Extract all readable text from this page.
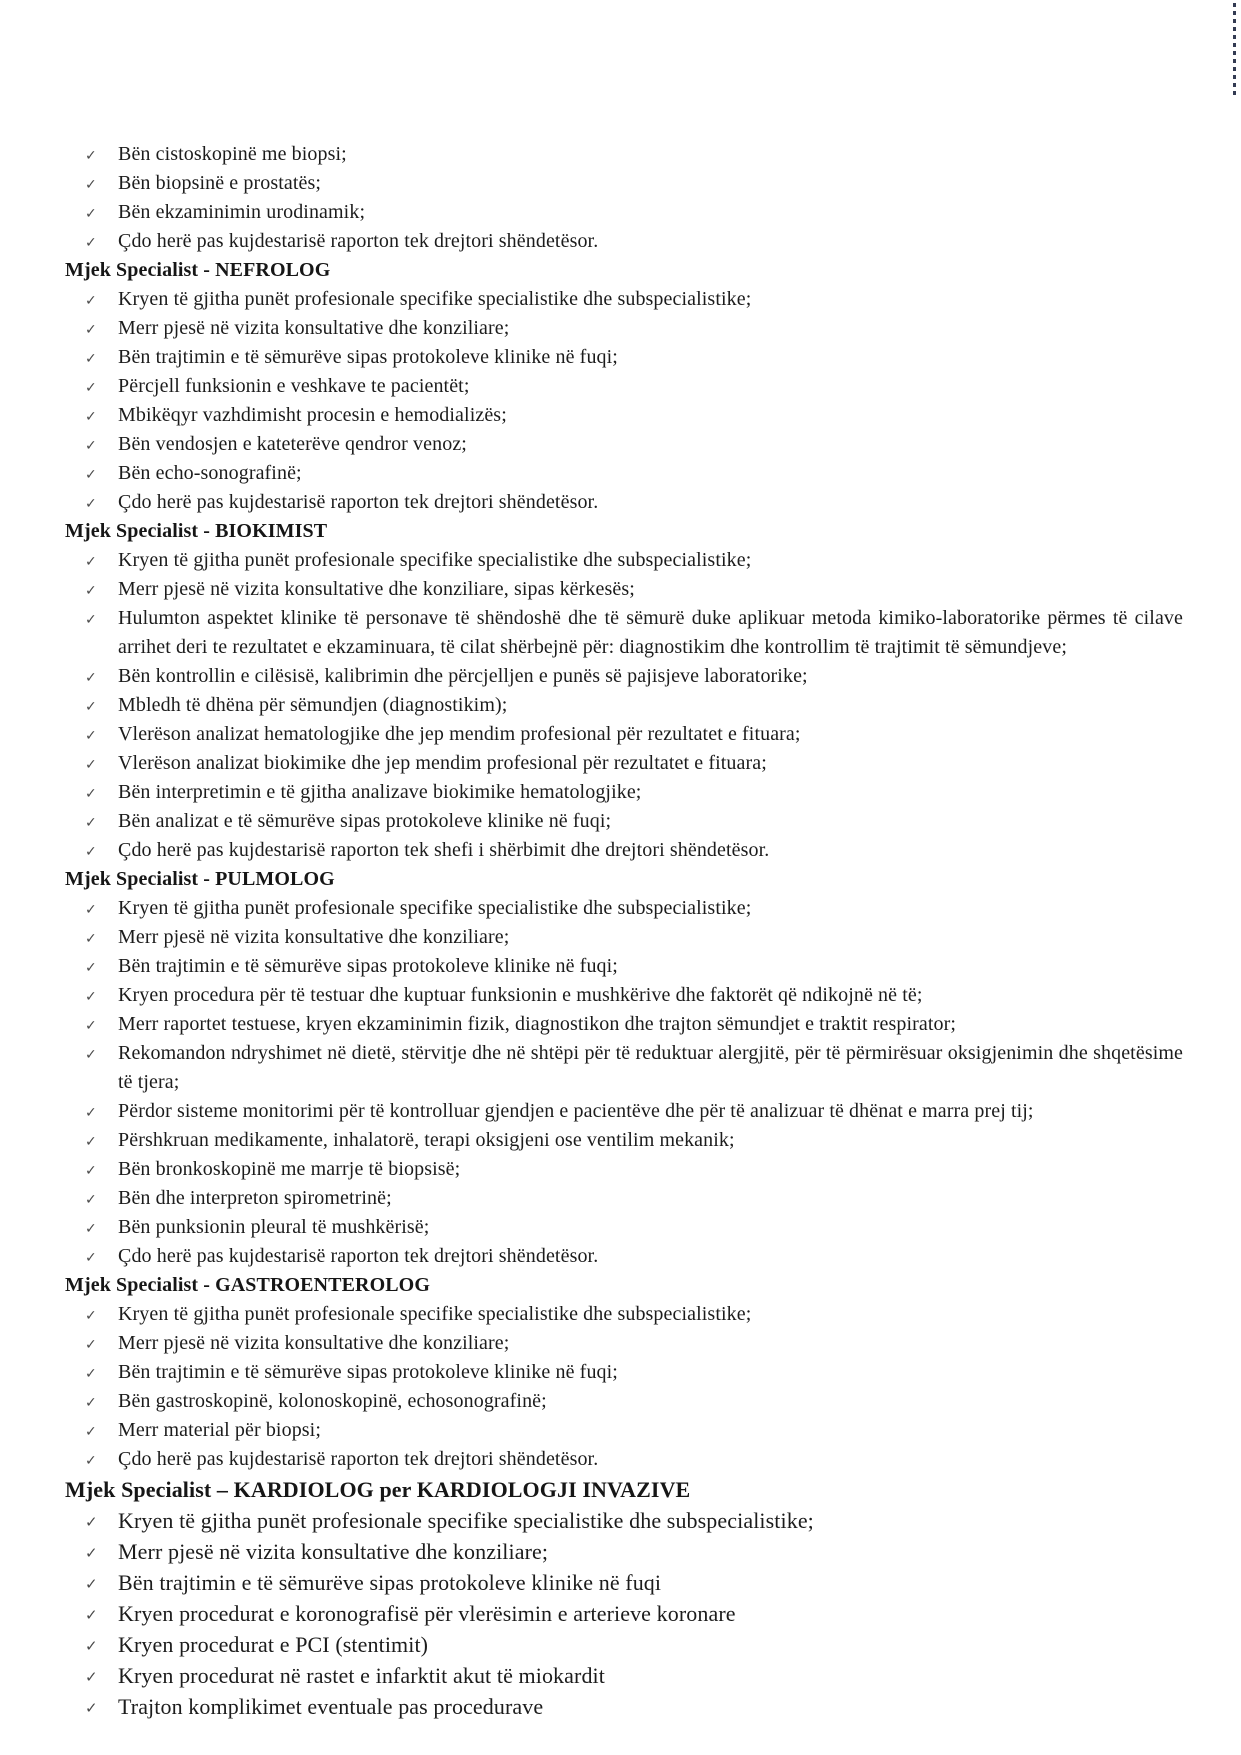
✓	Bën cistoskopinë me biopsi;
✓	Bën biopsinë e prostatës;
✓	Bën ekzaminimin urodinamik;
✓	Çdo herë pas kujdestarisë raporton tek drejtori shëndetësor.
Mjek Specialist - NEFROLOG
✓	Kryen të gjitha punët profesionale specifike specialistike dhe subspecialistike;
✓	Merr pjesë në vizita konsultative dhe konziliare;
✓	Bën trajtimin e të sëmurëve sipas protokoleve klinike në fuqi;
✓	Përcjell funksionin e veshkave te pacientët;
✓	Mbikëqyr vazhdimisht procesin e hemodializës;
✓	Bën vendosjen e kateterëve qendror venoz;
✓	Bën echo-sonografinë;
✓	Çdo herë pas kujdestarisë raporton tek drejtori shëndetësor.
Mjek Specialist - BIOKIMIST
✓	Kryen të gjitha punët profesionale specifike specialistike dhe subspecialistike;
✓	Merr pjesë në vizita konsultative dhe konziliare, sipas kërkesës;
✓	Hulumton aspektet klinike të personave të shëndoshë dhe të sëmurë duke aplikuar metoda kimiko-laboratorike përmes të cilave arrihet deri te rezultatet e ekzaminuara, të cilat shërbejnë për: diagnostikim dhe kontrollim të trajtimit të sëmundjeve;
✓	Bën kontrollin e cilësisë, kalibrimin dhe përcjelljen e punës së pajisjeve laboratorike;
✓	Mbledh të dhëna për sëmundjen (diagnostikim);
✓	Vlerëson analizat hematologjike dhe jep mendim profesional për rezultatet e fituara;
✓	Vlerëson analizat biokimike dhe jep mendim profesional për rezultatet e fituara;
✓	Bën interpretimin e të gjitha analizave biokimike hematologjike;
✓	Bën analizat e të sëmurëve sipas protokoleve klinike në fuqi;
✓	Çdo herë pas kujdestarisë raporton tek shefi i shërbimit dhe drejtori shëndetësor.
Mjek Specialist - PULMOLOG
✓	Kryen të gjitha punët profesionale specifike specialistike dhe subspecialistike;
✓	Merr pjesë në vizita konsultative dhe konziliare;
✓	Bën trajtimin e të sëmurëve sipas protokoleve klinike në fuqi;
✓	Kryen procedura për të testuar dhe kuptuar funksionin e mushkërive dhe faktorët që ndikojnë në të;
✓	Merr raportet testuese, kryen ekzaminimin fizik, diagnostikon dhe trajton sëmundjet e traktit respirator;
✓	Rekomandon ndryshimet në dietë, stërvitje dhe në shtëpi për të reduktuar alergjitë, për të përmirësuar oksigjenimin dhe shqetësime të tjera;
✓	Përdor sisteme monitorimi për të kontrolluar gjendjen e pacientëve dhe për të analizuar të dhënat e marra prej tij;
✓	Përshkruan medikamente, inhalatorë, terapi oksigjeni ose ventilim mekanik;
✓	Bën bronkoskopinë me marrje të biopsisë;
✓	Bën dhe interpreton spirometrinë;
✓	Bën punksionin pleural të mushkërisë;
✓	Çdo herë pas kujdestarisë raporton tek drejtori shëndetësor.
Mjek Specialist - GASTROENTEROLOG
✓	Kryen të gjitha punët profesionale specifike specialistike dhe subspecialistike;
✓	Merr pjesë në vizita konsultative dhe konziliare;
✓	Bën trajtimin e të sëmurëve sipas protokoleve klinike në fuqi;
✓	Bën gastroskopinë, kolonoskopinë, echosonografinë;
✓	Merr material për biopsi;
✓	Çdo herë pas kujdestarisë raporton tek drejtori shëndetësor.
Mjek Specialist – KARDIOLOG per KARDIOLOGJI INVAZIVE
✓ Kryen të gjitha punët profesionale specifike specialistike dhe subspecialistike;
✓ Merr pjesë në vizita konsultative dhe konziliare;
✓ Bën trajtimin e të sëmurëve sipas protokoleve klinike në fuqi
✓ Kryen procedurat e koronografisë për vlerësimin e arterieve koronare
✓ Kryen procedurat e PCI (stentimit)
✓ Kryen procedurat në rastet e infarktit akut të miokardit
✓ Trajton komplikimet eventuale pas procedurave
